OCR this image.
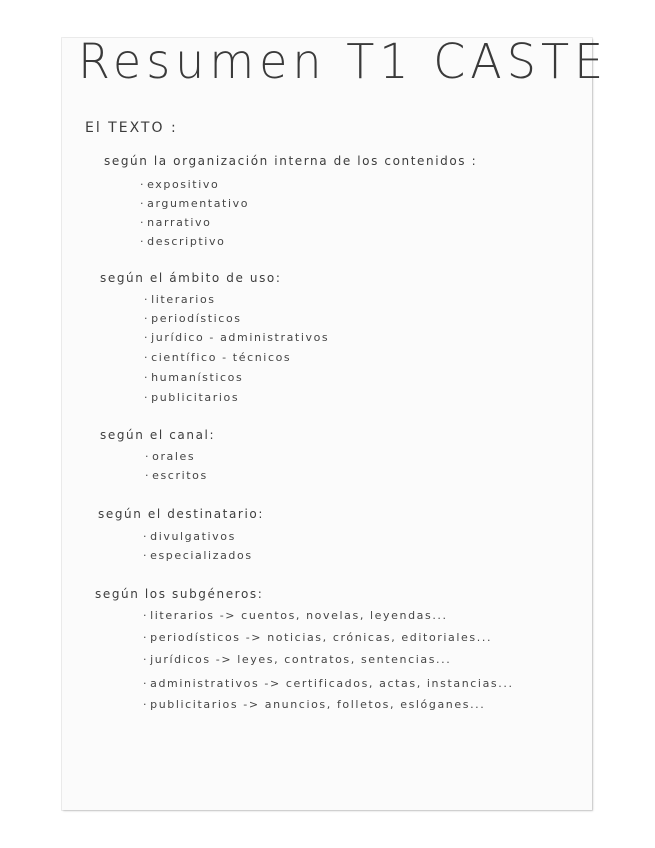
Resumen T1 CASTE
El TEXTO :
según la organización interna de los contenidos :
· expositivo
· argumentativo
· narrativo
· descriptivo
según el ámbito de uso:
· literarios
· periodísticos
· jurídico - administrativos
· científico - técnicos
· humanísticos
· publicitarios
según el canal:
· orales
· escritos
según el destinatario:
· divulgativos
· especializados
según los subgéneros:
· literarios -> cuentos, novelas, leyendas...
· periodísticos -> noticias, crónicas, editoriales...
· jurídicos -> leyes, contratos, sentencias...
· administrativos -> certificados, actas, instancias...
· publicitarios -> anuncios, folletos, eslóganes...
